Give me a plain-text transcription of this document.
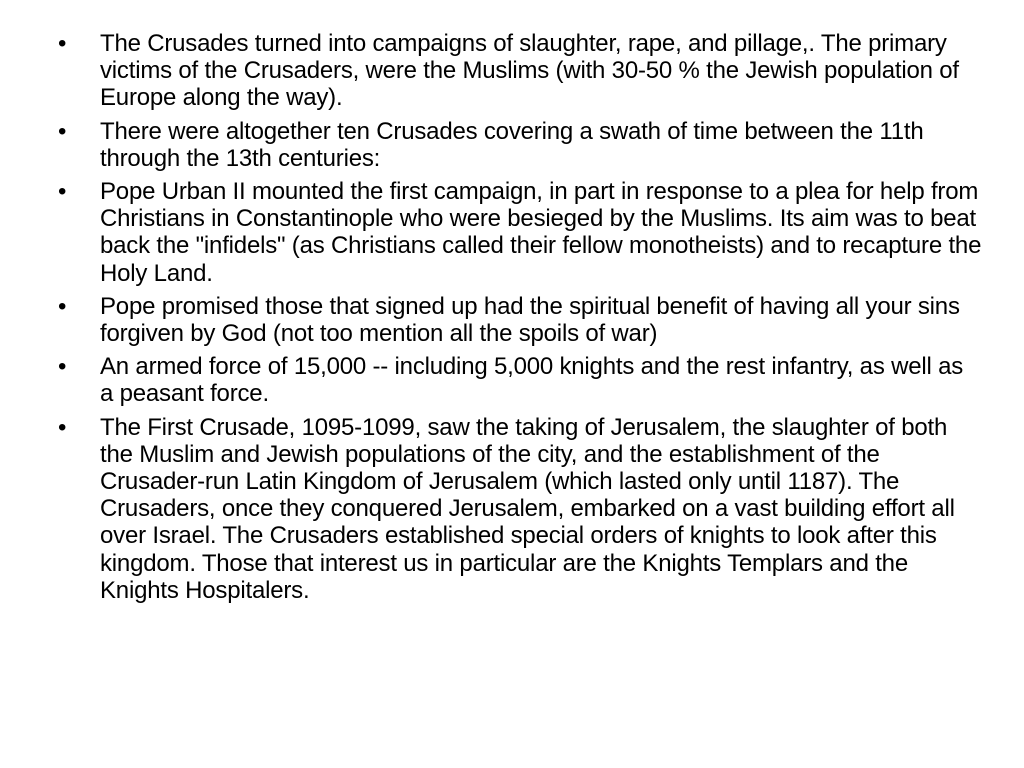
• The Crusades turned into campaigns of slaughter, rape, and pillage,. The primary victims of the Crusaders, were the Muslims (with 30-50 % the Jewish population of Europe along the way).
• There were altogether ten Crusades covering a swath of time between the 11th through the 13th centuries:
• Pope Urban II mounted the first campaign, in part in response to a plea for help from Christians in Constantinople who were besieged by the Muslims. Its aim was to beat back the "infidels" (as Christians called their fellow monotheists) and to recapture the Holy Land.
• Pope promised those that signed up had the spiritual benefit of having all your sins forgiven by God (not too mention all the spoils of war)
• An armed force of 15,000 -- including 5,000 knights and the rest infantry, as well as a peasant force.
• The First Crusade, 1095-1099, saw the taking of Jerusalem, the slaughter of both the Muslim and Jewish populations of the city, and the establishment of the Crusader-run Latin Kingdom of Jerusalem (which lasted only until 1187). The Crusaders, once they conquered Jerusalem, embarked on a vast building effort all over Israel. The Crusaders established special orders of knights to look after this kingdom. Those that interest us in particular are the Knights Templars and the Knights Hospitalers.
